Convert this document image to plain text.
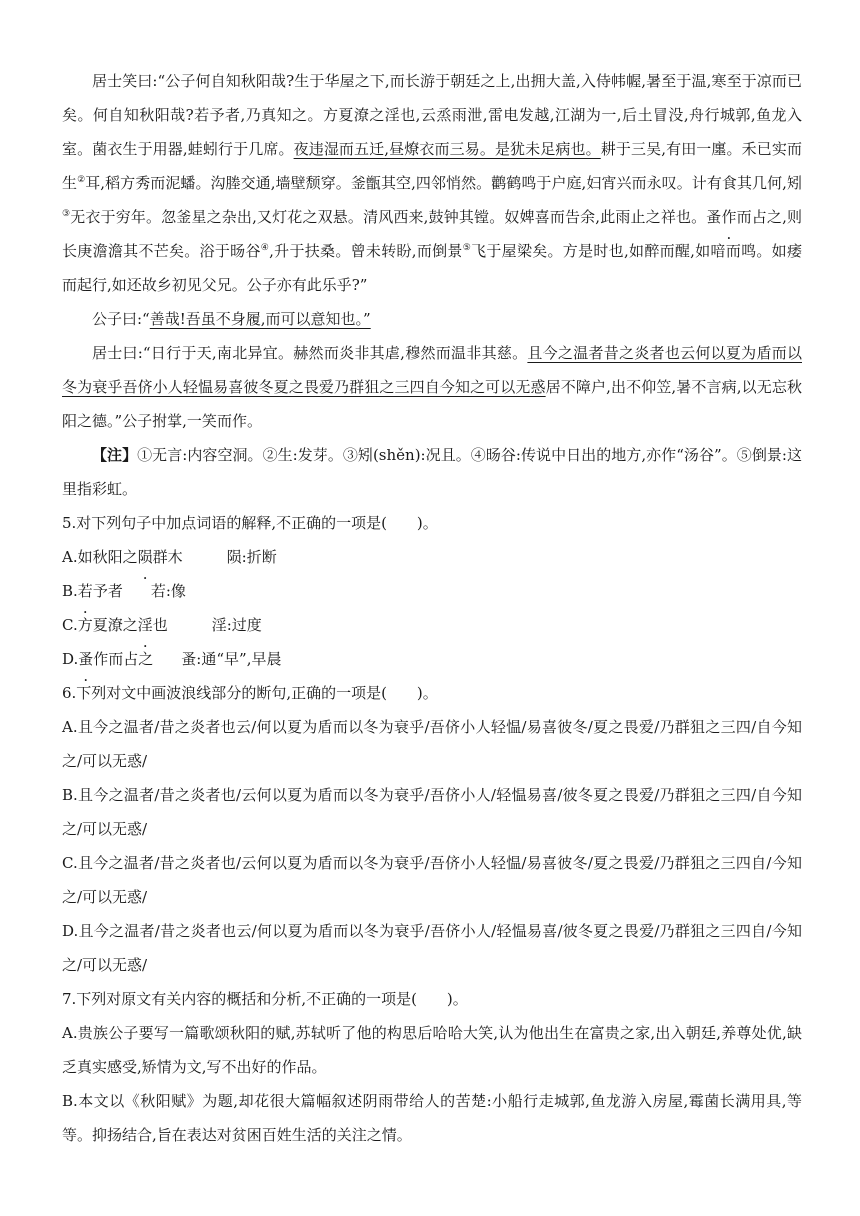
居士笑曰:“公子何自知秋阳哉?生于华屋之下,而长游于朝廷之上,出拥大盖,入侍帏幄,暑至于温,寒至于凉而已矣。何自知秋阳哉?若予者,乃真知之。方夏潦之淫也,云烝雨泄,雷电发越,江湖为一,后土冒没,舟行城郭,鱼龙入室。菌衣生于用器,蛙蚓行于几席。夜违湿而五迁,昼燎衣而三易。是犹未足病也。耕于三吴,有田一廛。禾已实而生②耳,稻方秀而泥蟠。沟塍交通,墙壁颓穿。釜甑其空,四邻悄然。鹳鹤鸣于户庭,妇宵兴而永叹。计有食其几何,矧③无衣于穷年。忽釜星之杂出,又灯花之双悬。清风西来,鼓钟其镗。奴婢喜而告余,此雨止之祥也。蚤作而占之,则长庚澹澹其不芒矣。浴于旸谷④,升于扶桑。曾未转盼,而倒景⑤飞于屋梁矣。方是时也,如醉而醒,如喑而鸣。如痿而起行,如还故乡初见父兄。公子亦有此乐乎?”

公子曰:“善哉!吾虽不身履,而可以意知也。”

居士曰:“日行于天,南北异宜。赫然而炎非其虐,穆然而温非其慈。且今之温者昔之炎者也云何以夏为盾而以冬为衰乎吾侪小人轻愠易喜彼冬夏之畏爱乃群狙之三四自今知之可以无惑居不障户,出不仰笠,暑不言病,以无忘秋阳之德。”公子拊掌,一笑而作。

【注】①无言:内容空洞。②生:发芽。③矧(shěn):况且。④旸谷:传说中日出的地方,亦作“汤谷”。⑤倒景:这里指彩虹。

5.对下列句子中加点词语的解释,不正确的一项是(　　)。

A.如秋阳之陨群木	陨:折断

B.若予者 若:像

C.方夏潦之淫也	淫:过度

D.蚤作而占之 蚤:通“早”,早晨

6.下列对文中画波浪线部分的断句,正确的一项是(　　)。

A.且今之温者/昔之炎者也云/何以夏为盾而以冬为衰乎/吾侪小人轻愠/易喜彼冬/夏之畏爱/乃群狙之三四/自今知之/可以无惑/

B.且今之温者/昔之炎者也/云何以夏为盾而以冬为衰乎/吾侪小人/轻愠易喜/彼冬夏之畏爱/乃群狙之三四/自今知之/可以无惑/

C.且今之温者/昔之炎者也/云何以夏为盾而以冬为衰乎/吾侪小人轻愠/易喜彼冬/夏之畏爱/乃群狙之三四自/今知之/可以无惑/

D.且今之温者/昔之炎者也云/何以夏为盾而以冬为衰乎/吾侪小人/轻愠易喜/彼冬夏之畏爱/乃群狙之三四自/今知之/可以无惑/

7.下列对原文有关内容的概括和分析,不正确的一项是(　　)。

A.贵族公子要写一篇歌颂秋阳的赋,苏轼听了他的构思后哈哈大笑,认为他出生在富贵之家,出入朝廷,养尊处优,缺乏真实感受,矫情为文,写不出好的作品。

B.本文以《秋阳赋》为题,却花很大篇幅叙述阴雨带给人的苦楚:小船行走城郭,鱼龙游入房屋,霉菌长满用具,等等。抑扬结合,旨在表达对贫困百姓生活的关注之情。
